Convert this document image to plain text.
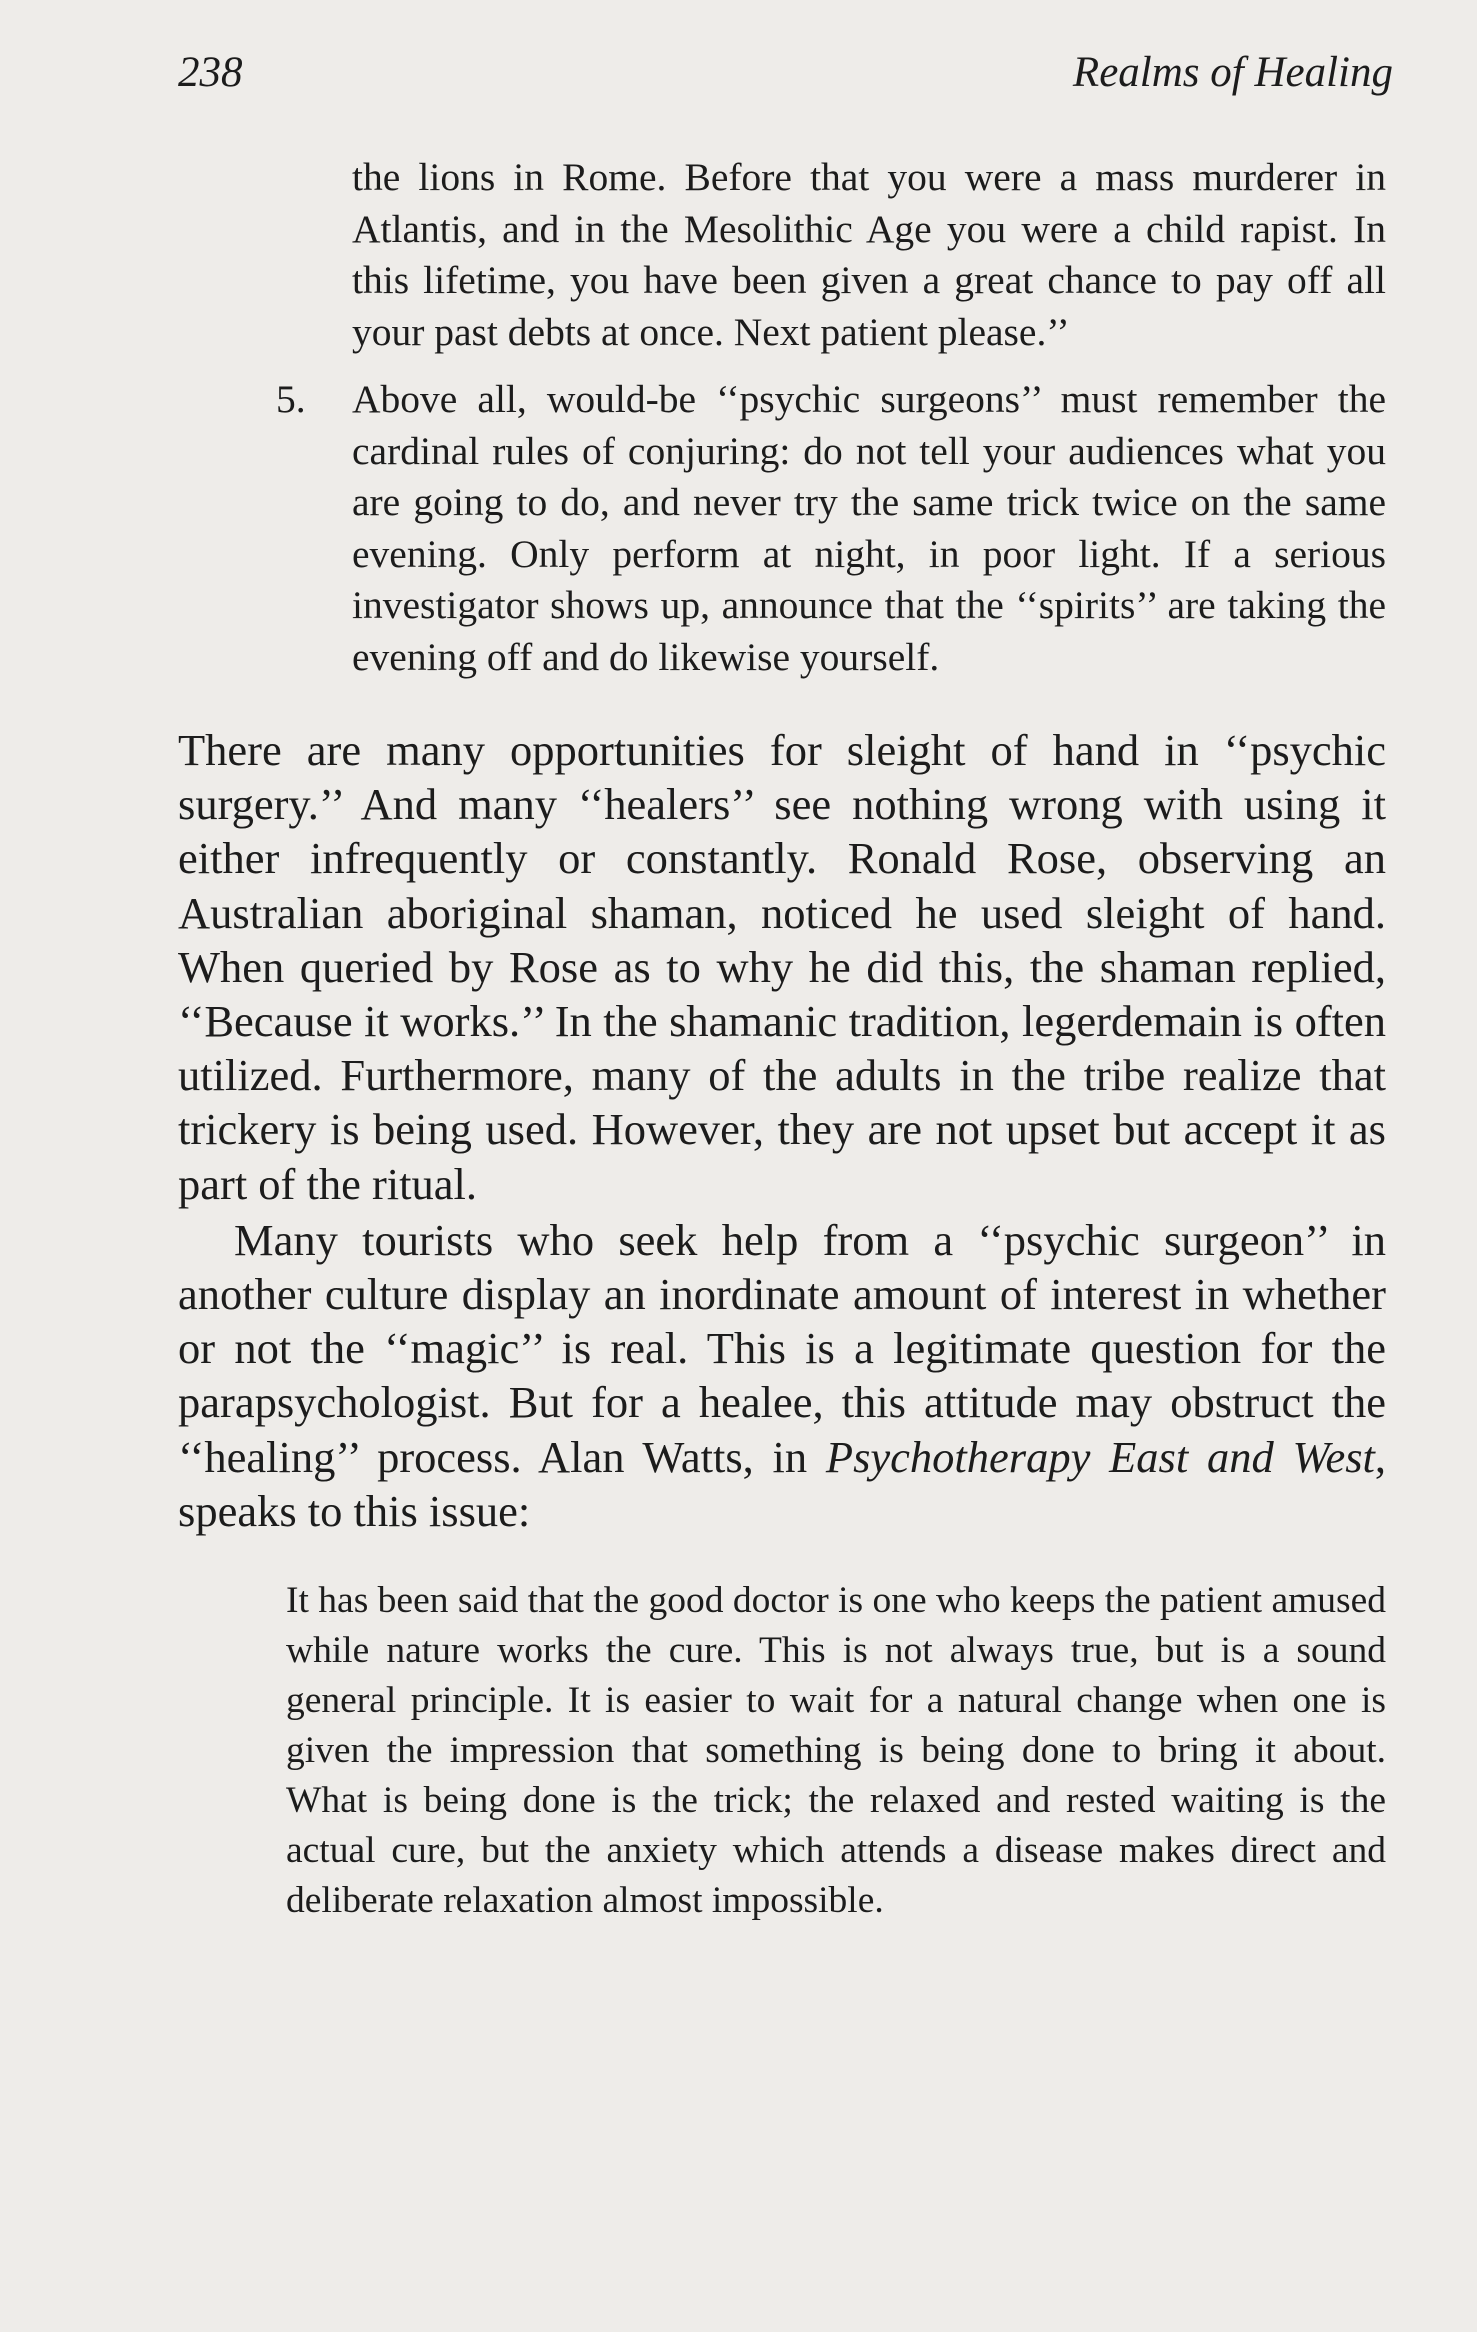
238	Realms of Healing

the lions in Rome. Before that you were a mass murderer in Atlantis, and in the Mesolithic Age you were a child rapist. In this lifetime, you have been given a great chance to pay off all your past debts at once. Next patient please.’’

5. Above all, would-be ‘‘psychic surgeons’’ must remember the cardinal rules of conjuring: do not tell your audiences what you are going to do, and never try the same trick twice on the same evening. Only perform at night, in poor light. If a serious investigator shows up, announce that the ‘‘spirits’’ are taking the evening off and do likewise yourself.

There are many opportunities for sleight of hand in ‘‘psychic surgery.’’ And many ‘‘healers’’ see nothing wrong with using it either infrequently or constantly. Ronald Rose, observing an Australian aboriginal shaman, noticed he used sleight of hand. When queried by Rose as to why he did this, the shaman replied, ‘‘Because it works.’’ In the shamanic tradition, legerdemain is often utilized. Furthermore, many of the adults in the tribe realize that trickery is being used. However, they are not upset but accept it as part of the ritual.

Many tourists who seek help from a ‘‘psychic surgeon’’ in another culture display an inordinate amount of interest in whether or not the ‘‘magic’’ is real. This is a legitimate question for the parapsychologist. But for a healee, this attitude may obstruct the ‘‘healing’’ process. Alan Watts, in Psychotherapy East and West, speaks to this issue:

It has been said that the good doctor is one who keeps the patient amused while nature works the cure. This is not always true, but is a sound general principle. It is easier to wait for a natural change when one is given the impression that something is being done to bring it about. What is being done is the trick; the relaxed and rested waiting is the actual cure, but the anxiety which attends a disease makes direct and deliberate relaxation almost impossible.
